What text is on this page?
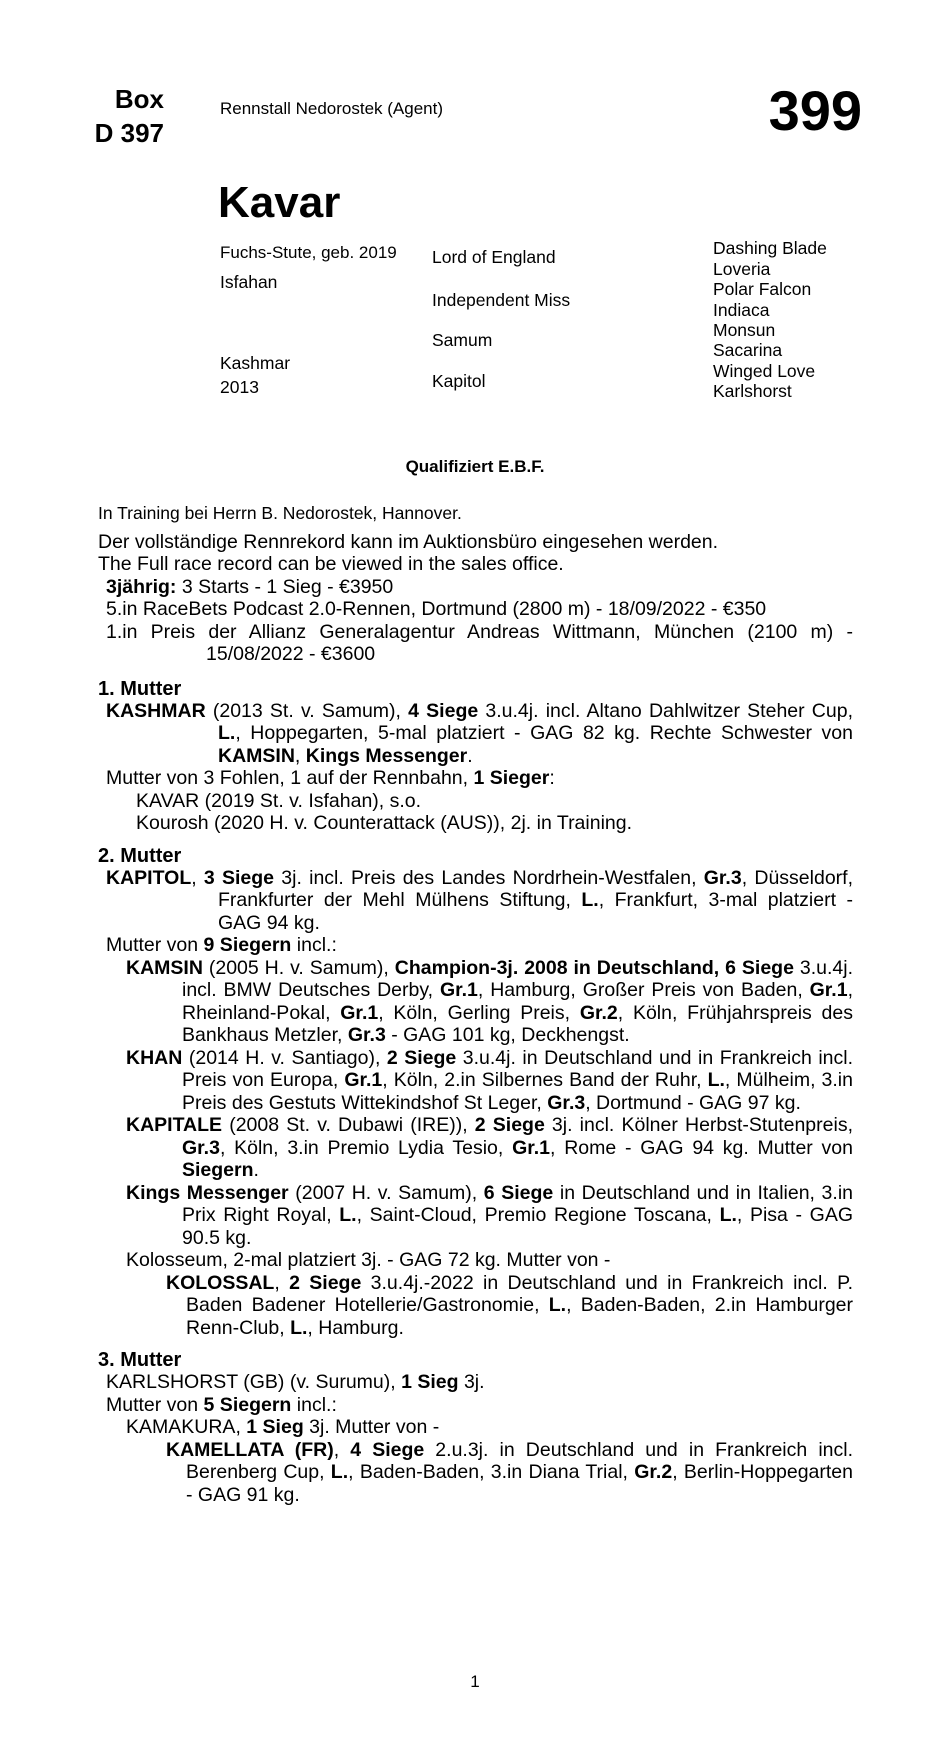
Box
D 397
Rennstall Nedorostek (Agent)	399
Kavar
Fuchs-Stute, geb. 2019
Isfahan
Kashmar
2013
Lord of England
Independent Miss
Samum
Kapitol
Dashing Blade
Loveria
Polar Falcon
Indiaca
Monsun
Sacarina
Winged Love
Karlshorst
Qualifiziert E.B.F.

In Training bei Herrn B. Nedorostek, Hannover.

Der vollständige Rennrekord kann im Auktionsbüro eingesehen werden.

The Full race record can be viewed in the sales office.

3jährig: 3 Starts - 1 Sieg - €3950

5.in RaceBets Podcast 2.0-Rennen, Dortmund (2800 m) - 18/09/2022 - €350

1.in Preis der Allianz Generalagentur Andreas Wittmann, München (2100 m) - 15/08/2022 - €3600

1. Mutter

KASHMAR (2013 St. v. Samum), 4 Siege 3.u.4j. incl. Altano Dahlwitzer Steher Cup, L., Hoppegarten, 5-mal platziert - GAG 82 kg. Rechte Schwester von KAMSIN, Kings Messenger.

Mutter von 3 Fohlen, 1 auf der Rennbahn, 1 Sieger:

KAVAR (2019 St. v. Isfahan), s.o.

Kourosh (2020 H. v. Counterattack (AUS)), 2j. in Training.

2. Mutter

KAPITOL, 3 Siege 3j. incl. Preis des Landes Nordrhein-Westfalen, Gr.3, Düsseldorf, Frankfurter der Mehl Mülhens Stiftung, L., Frankfurt, 3-mal platziert - GAG 94 kg.

Mutter von 9 Siegern incl.:

KAMSIN (2005 H. v. Samum), Champion-3j. 2008 in Deutschland, 6 Siege 3.u.4j. incl. BMW Deutsches Derby, Gr.1, Hamburg, Großer Preis von Baden, Gr.1, Rheinland-Pokal, Gr.1, Köln, Gerling Preis, Gr.2, Köln, Frühjahrspreis des Bankhaus Metzler, Gr.3 - GAG 101 kg, Deckhengst.

KHAN (2014 H. v. Santiago), 2 Siege 3.u.4j. in Deutschland und in Frankreich incl. Preis von Europa, Gr.1, Köln, 2.in Silbernes Band der Ruhr, L., Mülheim, 3.in Preis des Gestuts Wittekindshof St Leger, Gr.3, Dortmund - GAG 97 kg.

KAPITALE (2008 St. v. Dubawi (IRE)), 2 Siege 3j. incl. Kölner Herbst-Stutenpreis, Gr.3, Köln, 3.in Premio Lydia Tesio, Gr.1, Rome - GAG 94 kg. Mutter von Siegern.

Kings Messenger (2007 H. v. Samum), 6 Siege in Deutschland und in Italien, 3.in Prix Right Royal, L., Saint-Cloud, Premio Regione Toscana, L., Pisa - GAG 90.5 kg.

Kolosseum, 2-mal platziert 3j. - GAG 72 kg. Mutter von -

KOLOSSAL, 2 Siege 3.u.4j.-2022 in Deutschland und in Frankreich incl. P. Baden Badener Hotellerie/Gastronomie, L., Baden-Baden, 2.in Hamburger Renn-Club, L., Hamburg.

3. Mutter

KARLSHORST (GB) (v. Surumu), 1 Sieg 3j.

Mutter von 5 Siegern incl.:

KAMAKURA, 1 Sieg 3j. Mutter von -

KAMELLATA (FR), 4 Siege 2.u.3j. in Deutschland und in Frankreich incl. Berenberg Cup, L., Baden-Baden, 3.in Diana Trial, Gr.2, Berlin-Hoppegarten - GAG 91 kg.

1
